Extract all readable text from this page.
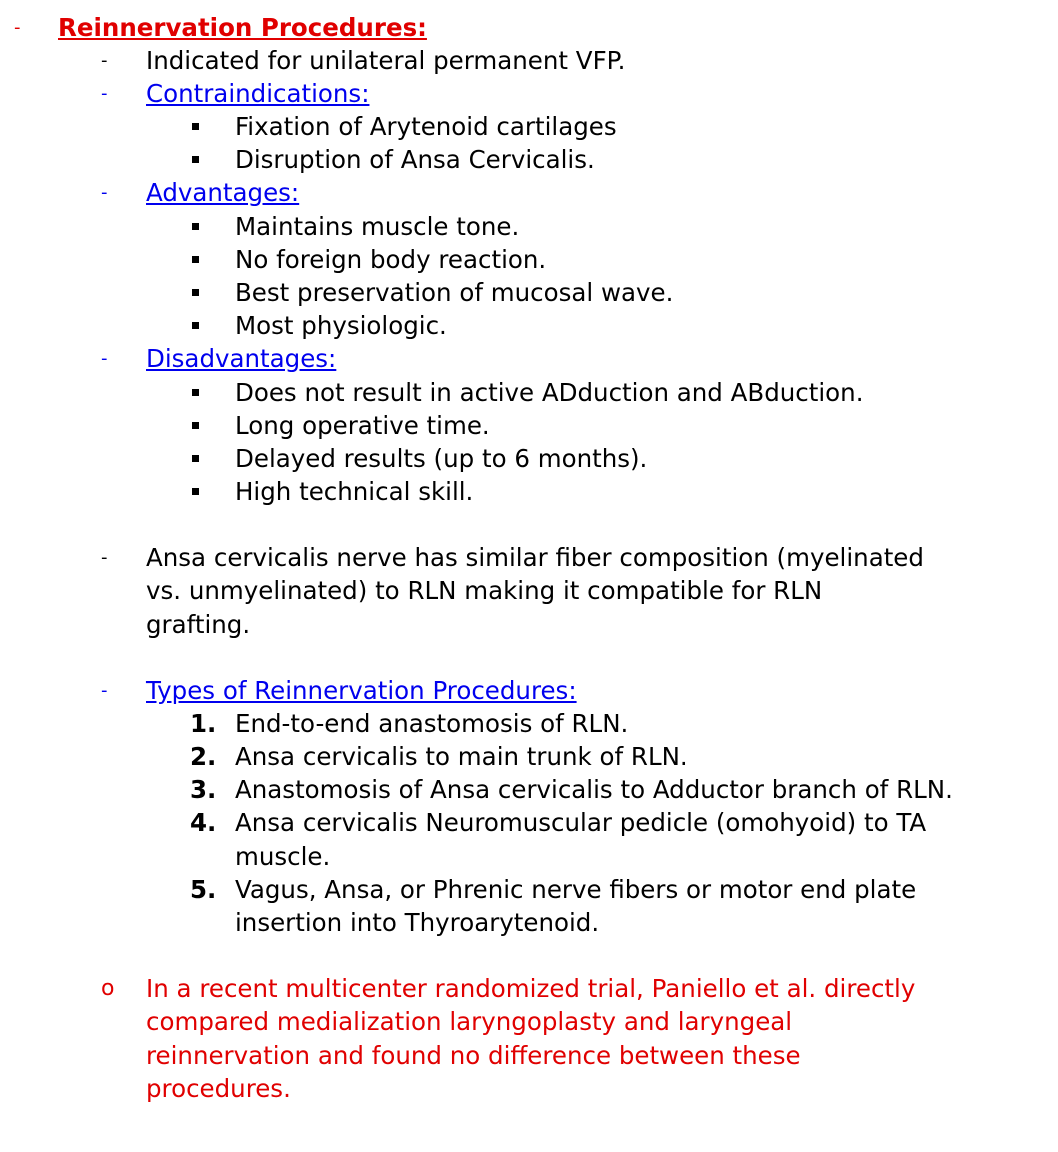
- Reinnervation Procedures:
- Indicated for unilateral permanent VFP.
- Contraindications:
Fixation of Arytenoid cartilages
Disruption of Ansa Cervicalis.
- Advantages:
Maintains muscle tone.
No foreign body reaction.
Best preservation of mucosal wave.
Most physiologic.
- Disadvantages:
Does not result in active ADduction and ABduction.
Long operative time.
Delayed results (up to 6 months).
High technical skill.
- Ansa cervicalis nerve has similar fiber composition (myelinated
vs. unmyelinated) to RLN making it compatible for RLN
grafting.
- Types of Reinnervation Procedures:
1. End-to-end anastomosis of RLN.
2. Ansa cervicalis to main trunk of RLN.
3. Anastomosis of Ansa cervicalis to Adductor branch of RLN.
4. Ansa cervicalis Neuromuscular pedicle (omohyoid) to TA
muscle.
5. Vagus, Ansa, or Phrenic nerve fibers or motor end plate
insertion into Thyroarytenoid.
o In a recent multicenter randomized trial, Paniello et al. directly
compared medialization laryngoplasty and laryngeal
reinnervation and found no difference between these
procedures.
